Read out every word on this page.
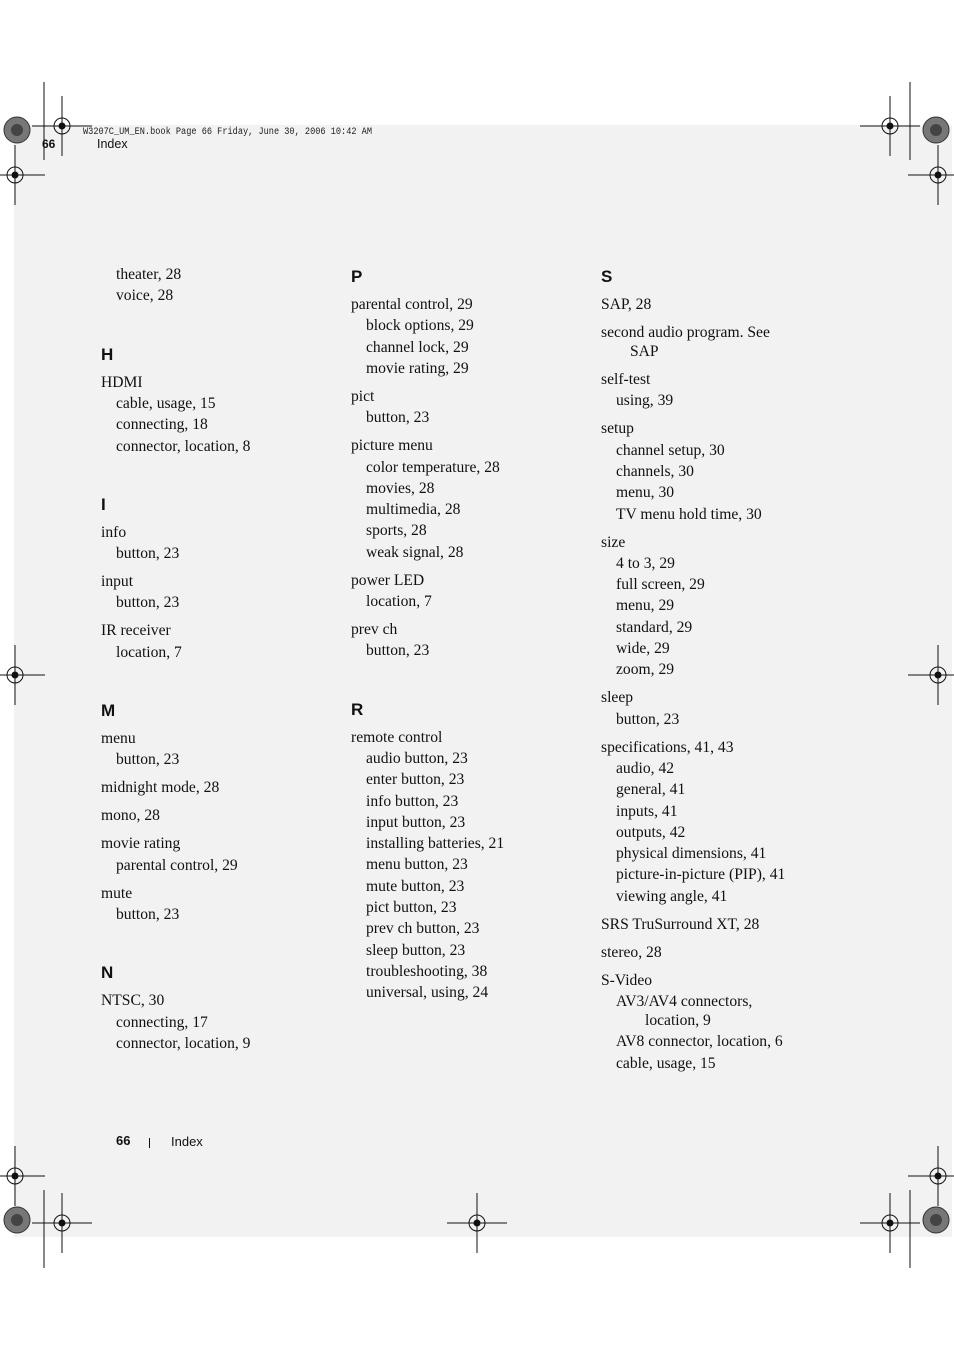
W3207C_UM_EN.book Page 66 Friday, June 30, 2006 10:42 AM
66	Index
theater, 28
voice, 28
H
HDMI
cable, usage, 15
connecting, 18
connector, location, 8
I
info
button, 23
input
button, 23
IR receiver
location, 7
M
menu
button, 23
midnight mode, 28
mono, 28
movie rating
parental control, 29
mute
button, 23
N
NTSC, 30
connecting, 17
connector, location, 9
P
parental control, 29
block options, 29
channel lock, 29
movie rating, 29
pict
button, 23
picture menu
color temperature, 28
movies, 28
multimedia, 28
sports, 28
weak signal, 28
power LED
location, 7
prev ch
button, 23
R
remote control
audio button, 23
enter button, 23
info button, 23
input button, 23
installing batteries, 21
menu button, 23
mute button, 23
pict button, 23
prev ch button, 23
sleep button, 23
troubleshooting, 38
universal, using, 24
S
SAP, 28
second audio program. See
SAP
self-test
using, 39
setup
channel setup, 30
channels, 30
menu, 30
TV menu hold time, 30
size
4 to 3, 29
full screen, 29
menu, 29
standard, 29
wide, 29
zoom, 29
sleep
button, 23
specifications, 41, 43
audio, 42
general, 41
inputs, 41
outputs, 42
physical dimensions, 41
picture-in-picture (PIP), 41
viewing angle, 41
SRS TruSurround XT, 28
stereo, 28
S-Video
AV3/AV4 connectors,
location, 9
AV8 connector, location, 6
cable, usage, 15
66	Index
